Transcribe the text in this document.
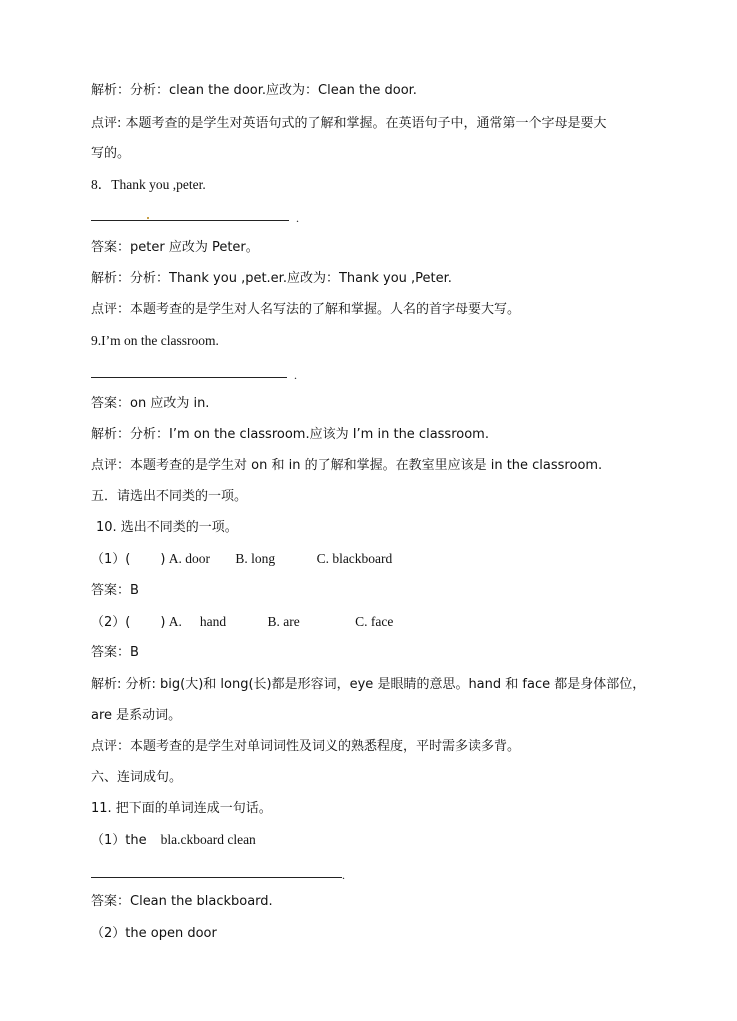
解析：分析：clean the door.应改为：Clean the door.
点评: 本题考查的是学生对英语句式的了解和掌握。在英语句子中，通常第一个字母是要大
写的。
8．Thank you ,peter.
.
答案：peter 应改为 Peter。
解析：分析：Thank you ,pet.er.应改为：Thank you ,Peter.
点评：本题考查的是学生对人名写法的了解和掌握。人名的首字母要大写。
9.I’m on the classroom.
.
答案：on 应改为 in.
解析：分析：I’m on the classroom.应该为 I’m in the classroom.
点评：本题考查的是学生对 on 和 in 的了解和掌握。在教室里应该是 in the classroom.
五．请选出不同类的一项。
10. 选出不同类的一项。
（1）( ) A. door B. long	C. blackboard
答案：B
（2）( ) A. hand	B. are	C. face
答案：B
解析: 分析: big(大)和 long(长)都是形容词，eye 是眼睛的意思。hand 和 face 都是身体部位，
are 是系动词。
点评：本题考查的是学生对单词词性及词义的熟悉程度，平时需多读多背。
六、连词成句。
11. 把下面的单词连成一句话。
（1）the bla.ckboard clean
.
答案：Clean the blackboard.
（2）the open door
